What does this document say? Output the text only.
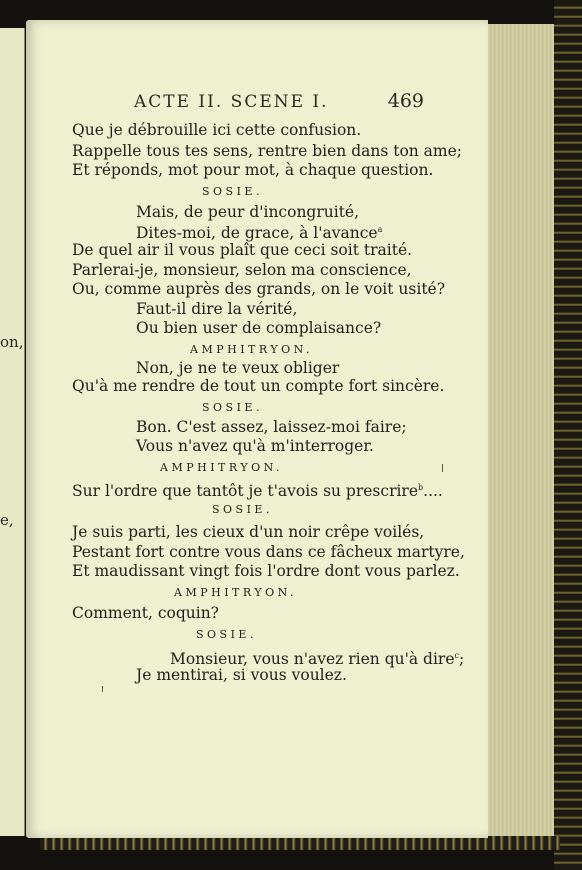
on,
e,
ACTE II. SCENE I.	469
Que je débrouille ici cette confusion.
Rappelle tous tes sens, rentre bien dans ton ame;
Et réponds, mot pour mot, à chaque question.
SOSIE.
Mais, de peur d'incongruité,
Dites-moi, de grace, à l'avance$^a$
De quel air il vous plaît que ceci soit traité.
Parlerai-je, monsieur, selon ma conscience,
Ou, comme auprès des grands, on le voit usité?
Faut-il dire la vérité,
Ou bien user de complaisance?
AMPHITRYON.
Non, je ne te veux obliger
Qu'à me rendre de tout un compte fort sincère.
SOSIE.
Bon. C'est assez, laissez-moi faire;
Vous n'avez qu'à m'interroger.
AMPHITRYON.
Sur l'ordre que tantôt je t'avois su prescrire$^b$....
SOSIE.
Je suis parti, les cieux d'un noir crêpe voilés,
Pestant fort contre vous dans ce fâcheux martyre,
Et maudissant vingt fois l'ordre dont vous parlez.
AMPHITRYON.
Comment, coquin?
SOSIE.
Monsieur, vous n'avez rien qu'à dire$^c$;
Je mentirai, si vous voulez.
